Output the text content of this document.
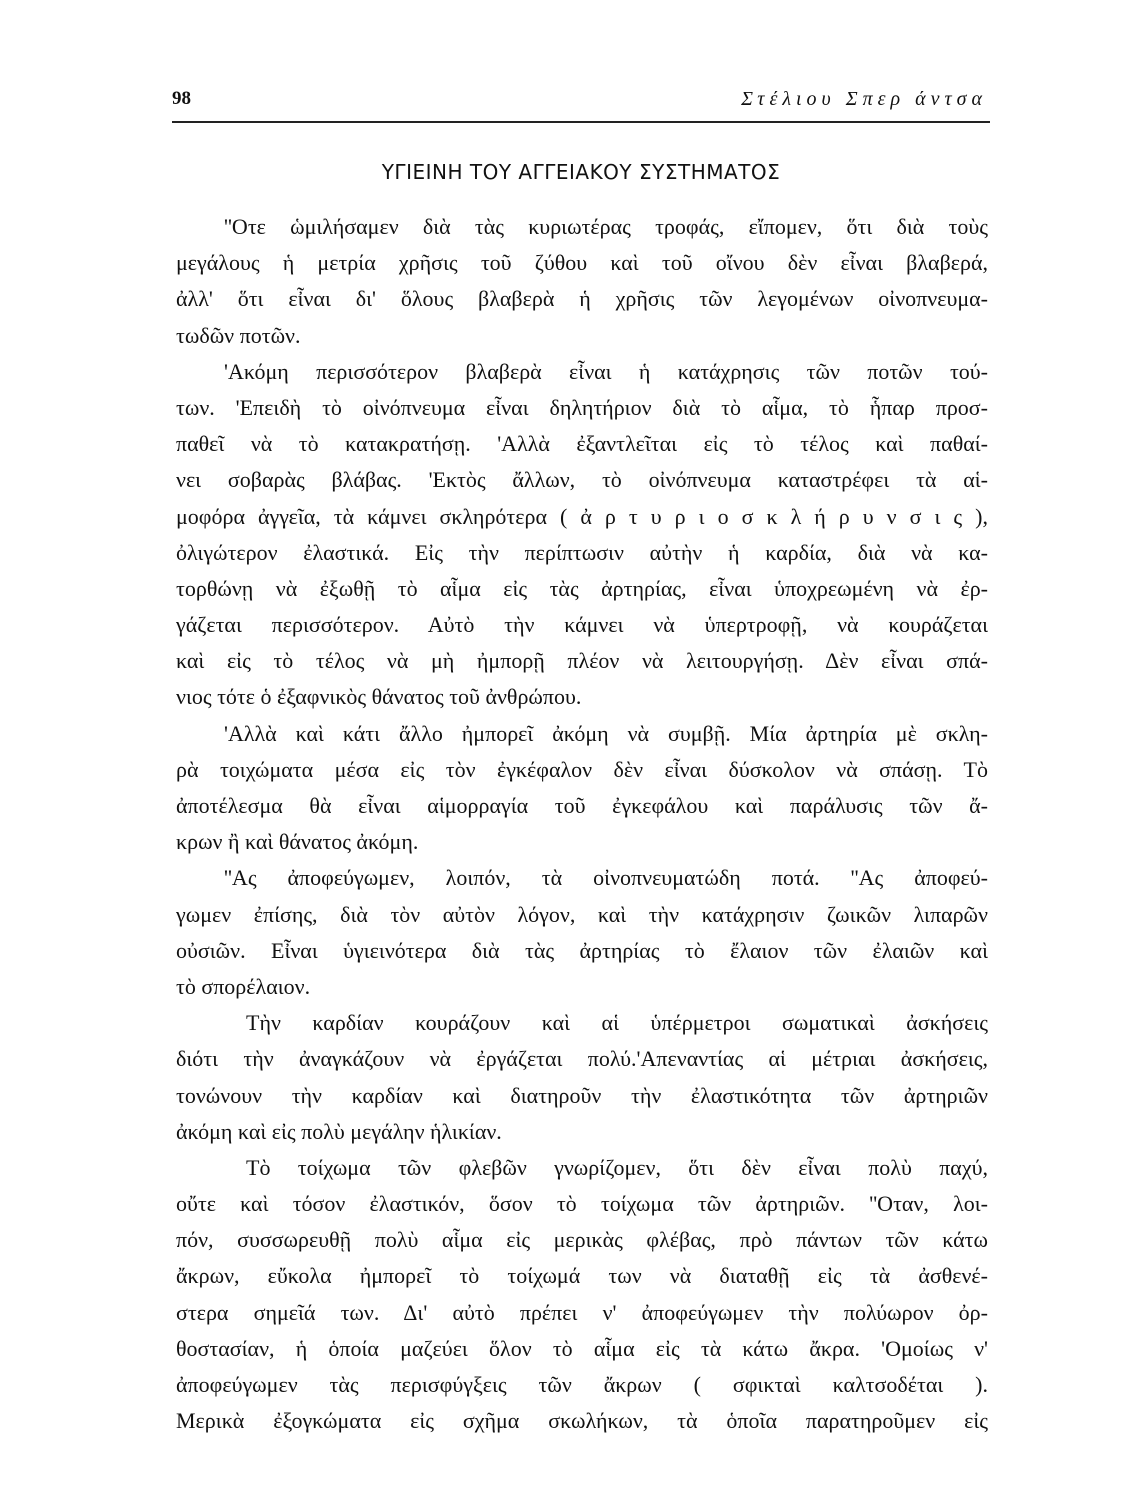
98	Στέλιου Σπερ άντσα
ΥΓΙΕΙΝΗ ΤΟΥ ΑΓΓΕΙΑΚΟΥ ΣΥΣΤΗΜΑΤΟΣ
''Οτε ὡμιλήσαμεν διὰ τὰς κυριωτέρας τροφάς, εἴπομεν, ὅτι διὰ τοὺς
μεγάλους ἡ μετρία χρῆσις τοῦ ζύθου καὶ τοῦ οἴνου δὲν εἶναι βλαβερά,
ἀλλ' ὅτι εἶναι δι' ὅλους βλαβερὰ ἡ χρῆσις τῶν λεγομένων οἰνοπνευμα-
τωδῶν ποτῶν.
'Ακόμη περισσότερον βλαβερὰ εἶναι ἡ κατάχρησις τῶν ποτῶν τού-
των. 'Επειδὴ τὸ οἰνόπνευμα εἶναι δηλητήριον διὰ τὸ αἷμα, τὸ ἧπαρ προσ-
παθεῖ νὰ τὸ κατακρατήσῃ. 'Αλλὰ ἐξαντλεῖται εἰς τὸ τέλος καὶ παθαί-
νει σοβαρὰς βλάβας. 'Εκτὸς ἄλλων, τὸ οἰνόπνευμα καταστρέφει τὰ αἱ-
μοφόρα ἀγγεῖα, τὰ κάμνει σκληρότερα ( ἀ ρ τ υ ρ ι ο σ κ λ ή ρ υ ν σ ι ς ),
ὀλιγώτερον ἐλαστικά. Εἰς τὴν περίπτωσιν αὐτὴν ἡ καρδία, διὰ νὰ κα-
τορθώνῃ νὰ ἐξωθῇ τὸ αἷμα εἰς τὰς ἀρτηρίας, εἶναι ὑποχρεωμένη νὰ ἐρ-
γάζεται περισσότερον. Αὐτὸ τὴν κάμνει νὰ ὑπερτροφῇ, νὰ κουράζεται
καὶ εἰς τὸ τέλος νὰ μὴ ἠμπορῇ πλέον νὰ λειτουργήσῃ. Δὲν εἶναι σπά-
νιος τότε ὁ ἐξαφνικὸς θάνατος τοῦ ἀνθρώπου.
'Αλλὰ καὶ κάτι ἄλλο ἠμπορεῖ ἀκόμη νὰ συμβῇ. Μία ἀρτηρία μὲ σκλη-
ρὰ τοιχώματα μέσα εἰς τὸν ἐγκέφαλον δὲν εἶναι δύσκολον νὰ σπάσῃ. Τὸ
ἀποτέλεσμα θὰ εἶναι αἱμορραγία τοῦ ἐγκεφάλου καὶ παράλυσις τῶν ἄ-
κρων ἢ καὶ θάνατος ἀκόμη.
''Ας ἀποφεύγωμεν, λοιπόν, τὰ οἰνοπνευματώδη ποτά. ''Ας ἀποφεύ-
γωμεν ἐπίσης, διὰ τὸν αὐτὸν λόγον, καὶ τὴν κατάχρησιν ζωικῶν λιπαρῶν
οὐσιῶν. Εἶναι ὑγιεινότερα διὰ τὰς ἀρτηρίας τὸ ἔλαιον τῶν ἐλαιῶν καὶ
τὸ σπορέλαιον.
Τὴν καρδίαν κουράζουν καὶ αἱ ὑπέρμετροι σωματικαὶ ἀσκήσεις
διότι τὴν ἀναγκάζουν νὰ ἐργάζεται πολύ.'Απεναντίας αἱ μέτριαι ἀσκήσεις,
τονώνουν τὴν καρδίαν καὶ διατηροῦν τὴν ἐλαστικότητα τῶν ἀρτηριῶν
ἀκόμη καὶ εἰς πολὺ μεγάλην ἡλικίαν.
Τὸ τοίχωμα τῶν φλεβῶν γνωρίζομεν, ὅτι δὲν εἶναι πολὺ παχύ,
οὔτε καὶ τόσον ἐλαστικόν, ὅσον τὸ τοίχωμα τῶν ἀρτηριῶν. ''Οταν, λοι-
πόν, συσσωρευθῇ πολὺ αἷμα εἰς μερικὰς φλέβας, πρὸ πάντων τῶν κάτω
ἄκρων, εὔκολα ἠμπορεῖ τὸ τοίχωμά των νὰ διαταθῇ εἰς τὰ ἀσθενέ-
στερα σημεῖά των. Δι' αὐτὸ πρέπει ν' ἀποφεύγωμεν τὴν πολύωρον ὀρ-
θοστασίαν, ἡ ὁποία μαζεύει ὅλον τὸ αἷμα εἰς τὰ κάτω ἄκρα. 'Ομοίως ν'
ἀποφεύγωμεν τὰς περισφύγξεις τῶν ἄκρων ( σφικταὶ καλτσοδέται ).
Μερικὰ ἐξογκώματα εἰς σχῆμα σκωλήκων, τὰ ὁποῖα παρατηροῦμεν εἰς
